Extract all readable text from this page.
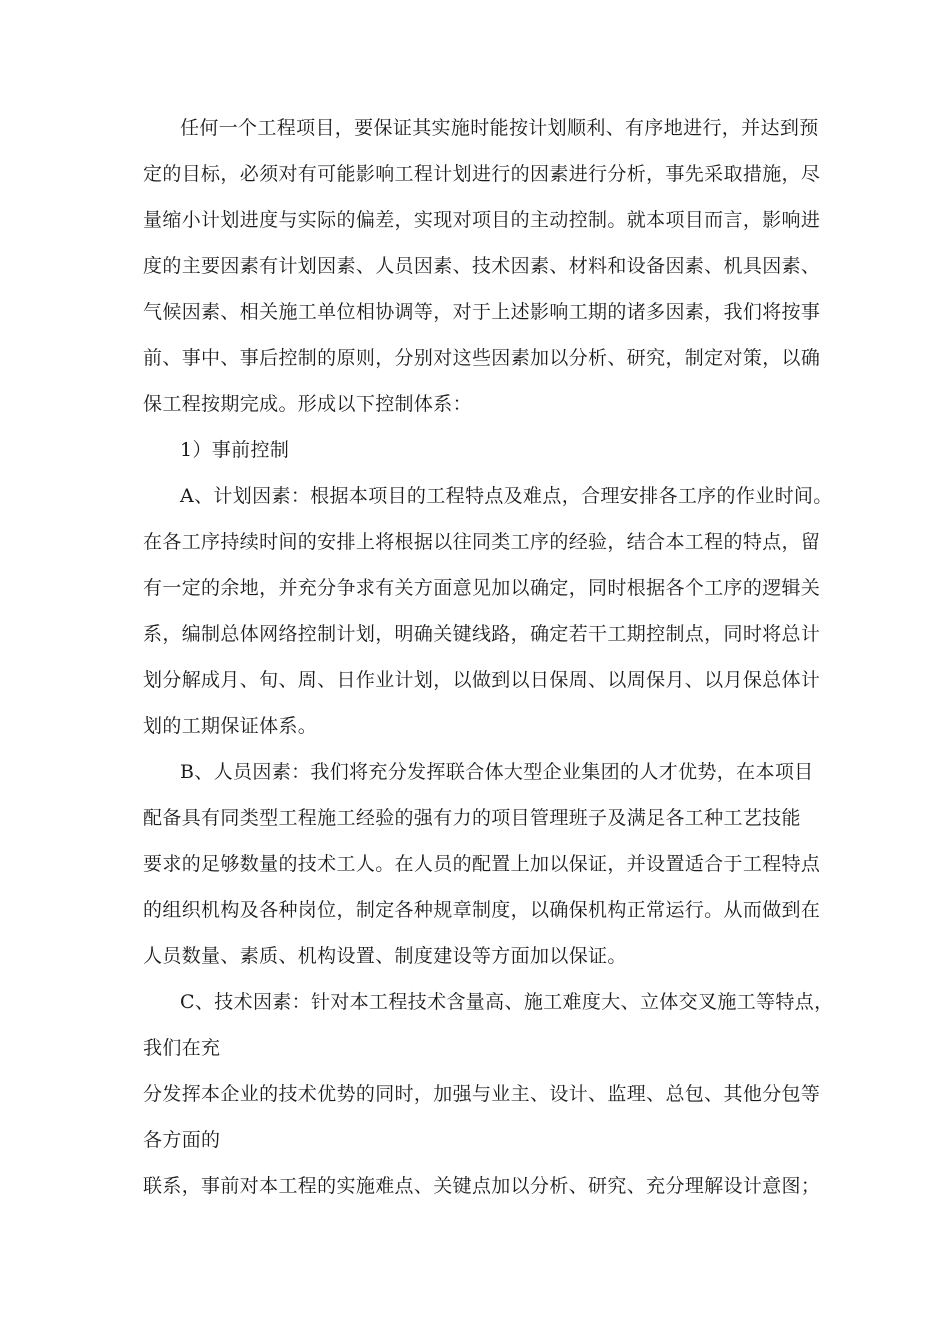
任何一个工程项目，要保证其实施时能按计划顺利、有序地进行，并达到预
定的目标，必须对有可能影响工程计划进行的因素进行分析，事先采取措施，尽
量缩小计划进度与实际的偏差，实现对项目的主动控制。就本项目而言，影响进
度的主要因素有计划因素、人员因素、技术因素、材料和设备因素、机具因素、
气候因素、相关施工单位相协调等，对于上述影响工期的诸多因素，我们将按事
前、事中、事后控制的原则，分别对这些因素加以分析、研究，制定对策，以确
保工程按期完成。形成以下控制体系：
1）事前控制
A、计划因素：根据本项目的工程特点及难点，合理安排各工序的作业时间。
在各工序持续时间的安排上将根据以往同类工序的经验，结合本工程的特点，留
有一定的余地，并充分争求有关方面意见加以确定，同时根据各个工序的逻辑关
系，编制总体网络控制计划，明确关键线路，确定若干工期控制点，同时将总计
划分解成月、旬、周、日作业计划，以做到以日保周、以周保月、以月保总体计
划的工期保证体系。
B、人员因素：我们将充分发挥联合体大型企业集团的人才优势，在本项目
配备具有同类型工程施工经验的强有力的项目管理班子及满足各工种工艺技能
要求的足够数量的技术工人。在人员的配置上加以保证，并设置适合于工程特点
的组织机构及各种岗位，制定各种规章制度，以确保机构正常运行。从而做到在
人员数量、素质、机构设置、制度建设等方面加以保证。
C、技术因素：针对本工程技术含量高、施工难度大、立体交叉施工等特点，
我们在充
分发挥本企业的技术优势的同时，加强与业主、设计、监理、总包、其他分包等
各方面的
联系，事前对本工程的实施难点、关键点加以分析、研究、充分理解设计意图；
